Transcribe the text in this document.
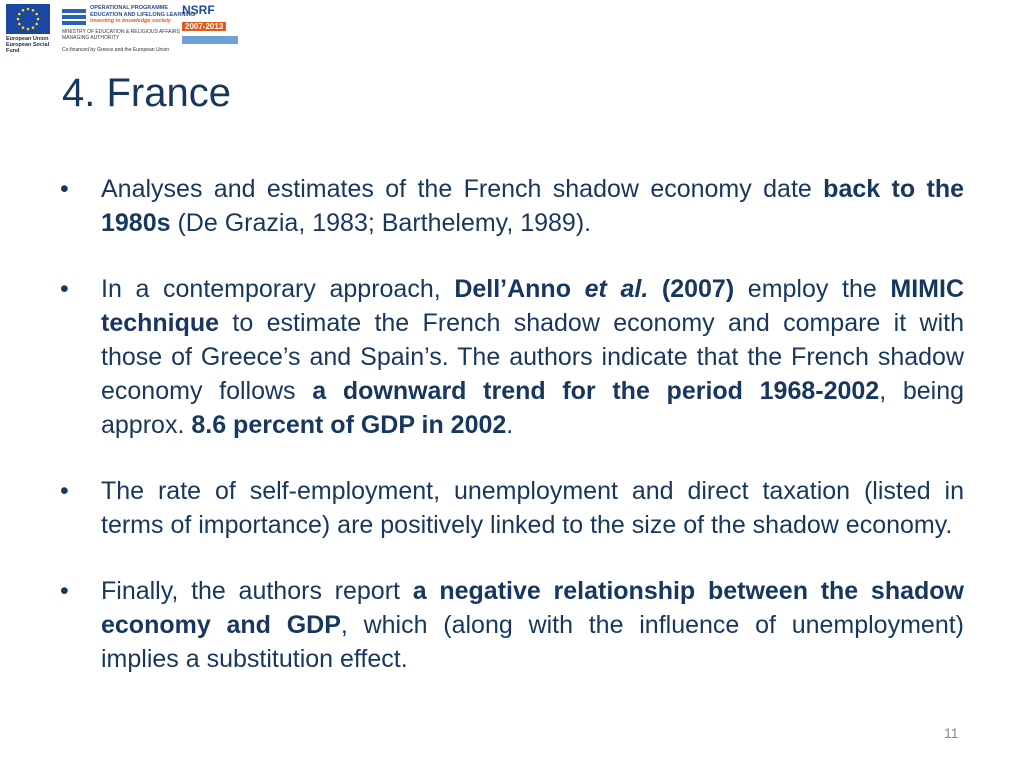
European Union
European Social Fund
OPERATIONAL PROGRAMME
EDUCATION AND LIFELONG LEARNING
investing in knowledge society
MINISTRY OF EDUCATION & RELIGIOUS AFFAIRS
MANAGING AUTHORITY
Co-financed by Greece and the European Union
NSRF
2007-2013
4. France
• Analyses and estimates of the French shadow economy date back to the 1980s (De Grazia, 1983; Barthelemy, 1989).
• In a contemporary approach, Dell’Anno et al. (2007) employ the MIMIC technique to estimate the French shadow economy and compare it with those of Greece’s and Spain’s. The authors indicate that the French shadow economy follows a downward trend for the period 1968-2002, being approx. 8.6 percent of GDP in 2002.
• The rate of self-employment, unemployment and direct taxation (listed in terms of importance) are positively linked to the size of the shadow economy.
• Finally, the authors report a negative relationship between the shadow economy and GDP, which (along with the influence of unemployment) implies a substitution effect.
11
